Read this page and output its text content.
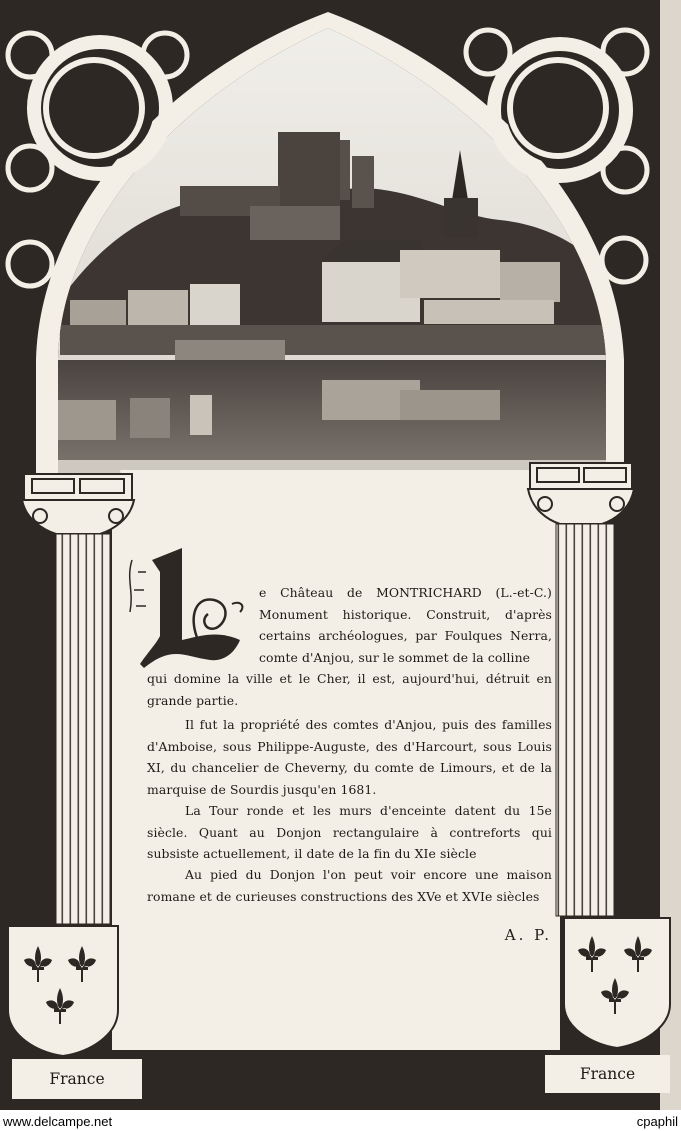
e Château de MONTRICHARD (L.-et-C.) Monument historique. Construit, d'après certains archéologues, par Foulques Nerra, comte d'Anjou, sur le sommet de la colline
qui domine la ville et le Cher, il est, aujourd'hui, détruit en grande partie.

Il fut la propriété des comtes d'Anjou, puis des familles d'Amboise, sous Philippe-Auguste, des d'Harcourt, sous Louis XI, du chancelier de Cheverny, du comte de Limours, et de la marquise de Sourdis jusqu'en 1681.

La Tour ronde et les murs d'enceinte datent du 15e siècle. Quant au Donjon rectangulaire à contreforts qui subsiste actuellement, il date de la fin du XIe siècle

Au pied du Donjon l'on peut voir encore une maison romane et de curieuses constructions des XVe et XVIe siècles

A. P.
France	France
www.delcampe.net	cpaphil
